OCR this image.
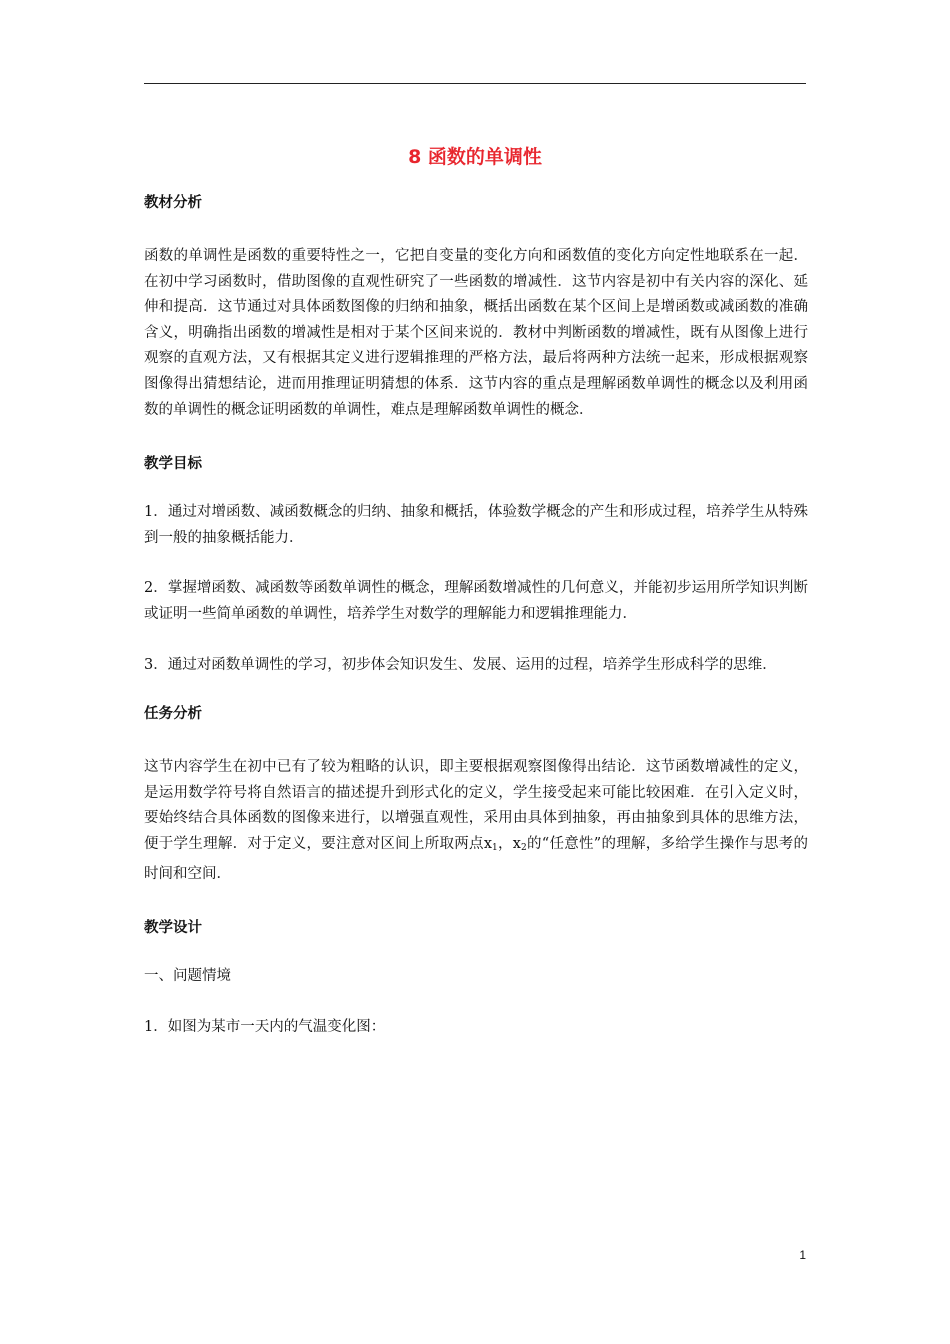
8 函数的单调性

教材分析

函数的单调性是函数的重要特性之一，它把自变量的变化方向和函数值的变化方向定性地联系在一起．在初中学习函数时，借助图像的直观性研究了一些函数的增减性．这节内容是初中有关内容的深化、延伸和提高．这节通过对具体函数图像的归纳和抽象，概括出函数在某个区间上是增函数或减函数的准确含义，明确指出函数的增减性是相对于某个区间来说的．教材中判断函数的增减性，既有从图像上进行观察的直观方法，又有根据其定义进行逻辑推理的严格方法，最后将两种方法统一起来，形成根据观察图像得出猜想结论，进而用推理证明猜想的体系．这节内容的重点是理解函数单调性的概念以及利用函数的单调性的概念证明函数的单调性，难点是理解函数单调性的概念．

教学目标

1．通过对增函数、减函数概念的归纳、抽象和概括，体验数学概念的产生和形成过程，培养学生从特殊到一般的抽象概括能力．

2．掌握增函数、减函数等函数单调性的概念，理解函数增减性的几何意义，并能初步运用所学知识判断或证明一些简单函数的单调性，培养学生对数学的理解能力和逻辑推理能力．

3．通过对函数单调性的学习，初步体会知识发生、发展、运用的过程，培养学生形成科学的思维．

任务分析

这节内容学生在初中已有了较为粗略的认识，即主要根据观察图像得出结论．这节函数增减性的定义，是运用数学符号将自然语言的描述提升到形式化的定义，学生接受起来可能比较困难．在引入定义时，要始终结合具体函数的图像来进行，以增强直观性，采用由具体到抽象，再由抽象到具体的思维方法，便于学生理解．对于定义，要注意对区间上所取两点$x_1$，$x_2$的“任意性”的理解，多给学生操作与思考的时间和空间．

教学设计

一、问题情境

1．如图为某市一天内的气温变化图：

1
